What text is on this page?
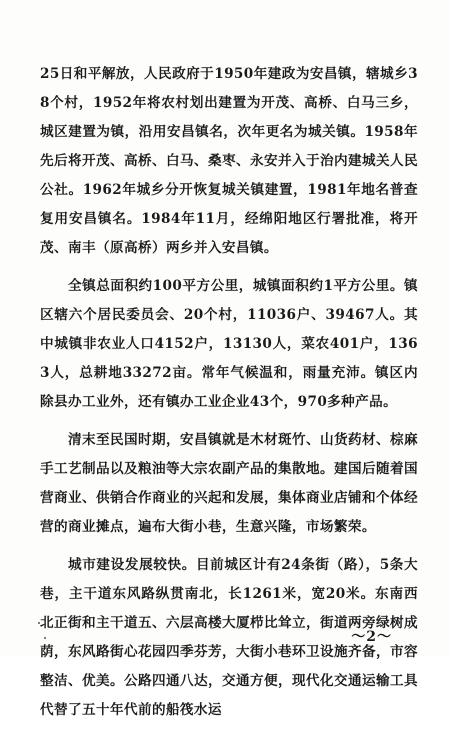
25日和平解放，人民政府于1950年建政为安昌镇，辖城乡38个村，1952年将农村划出建置为开茂、高桥、白马三乡，城区建置为镇，沿用安昌镇名，次年更名为城关镇。1958年先后将开茂、高桥、白马、桑枣、永安并入于治内建城关人民公社。1962年城乡分开恢复城关镇建置，1981年地名普查复用安昌镇名。1984年11月，经绵阳地区行署批准，将开茂、南丰（原高桥）两乡并入安昌镇。

全镇总面积约100平方公里，城镇面积约1平方公里。镇区辖六个居民委员会、20个村，11036户、39467人。其中城镇非农业人口4152户，13130人，菜农401户，1363人，总耕地33272亩。常年气候温和，雨量充沛。镇区内除县办工业外，还有镇办工业企业43个，970多种产品。

清末至民国时期，安昌镇就是木材斑竹、山货药材、棕麻手工艺制品以及粮油等大宗农副产品的集散地。建国后随着国营商业、供销合作商业的兴起和发展，集体商业店铺和个体经营的商业摊点，遍布大街小巷，生意兴隆，市场繁荣。

城市建设发展较快。目前城区计有24条街（路），5条大巷，主干道东风路纵贯南北，长1261米，宽20米。东南西北正街和主干道五、六层高楼大厦栉比耸立，街道两旁绿树成荫，东风路街心花园四季芬芳，大街小巷环卫设施齐备，市容整洁、优美。公路四通八达，交通方便，现代化交通运输工具代替了五十年代前的船筏水运

～2～
